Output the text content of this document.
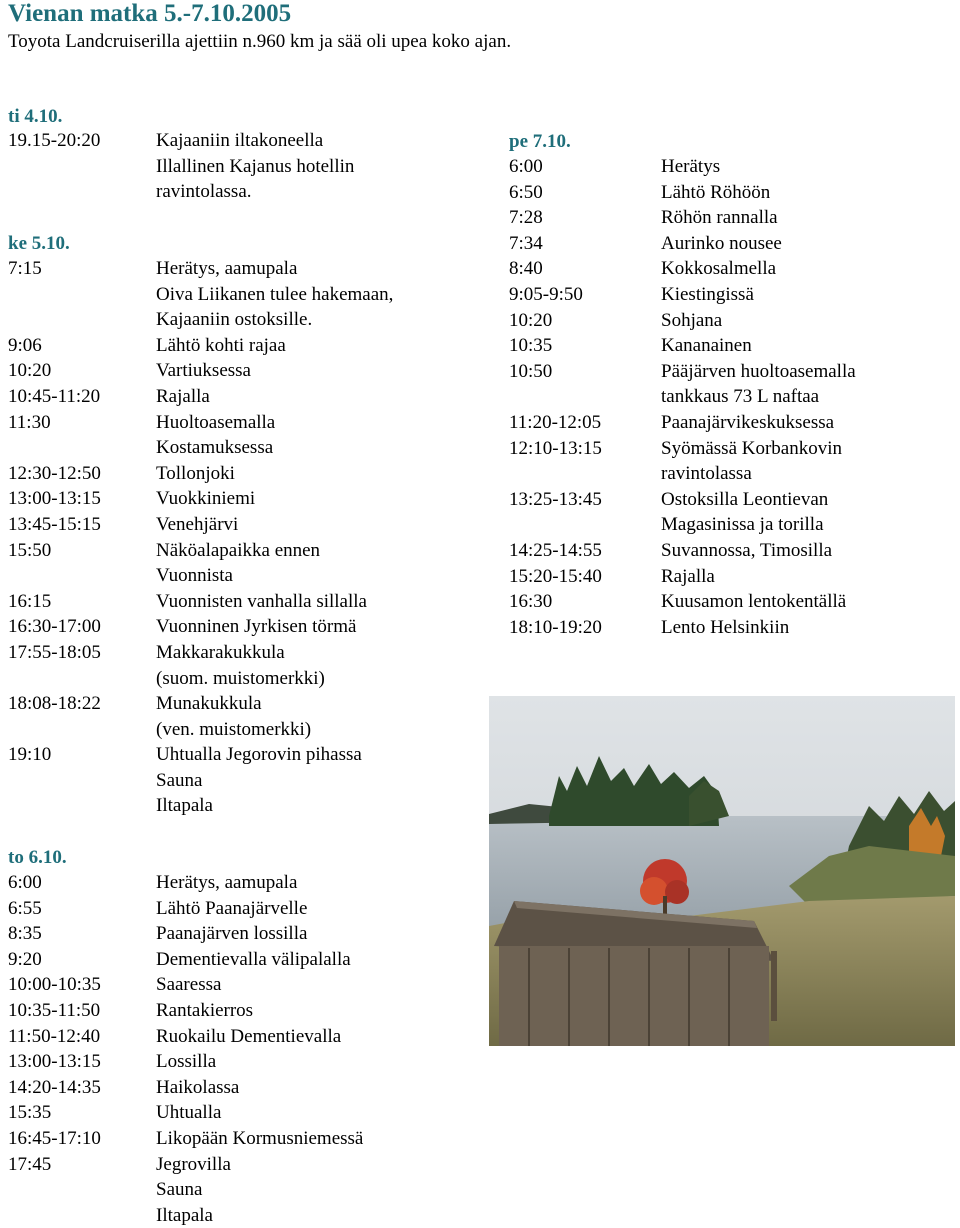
Vienan matka 5.-7.10.2005
Toyota Landcruiserilla ajettiin n.960 km ja sää oli upea koko ajan.
ti 4.10.
19.15-20:20	Kajaaniin iltakoneella
Illallinen Kajanus hotellin
ravintolassa.
ke 5.10.
7:15	Herätys, aamupala
Oiva Liikanen tulee hakemaan,
Kajaaniin ostoksille.
9:06	Lähtö kohti rajaa
10:20	Vartiuksessa
10:45-11:20	Rajalla
11:30	Huoltoasemalla
Kostamuksessa
12:30-12:50	Tollonjoki
13:00-13:15	Vuokkiniemi
13:45-15:15	Venehjärvi
15:50	Näköalapaikka ennen
Vuonnista
16:15	Vuonnisten vanhalla sillalla
16:30-17:00	Vuonninen Jyrkisen törmä
17:55-18:05	Makkarakukkula
(suom. muistomerkki)
18:08-18:22	Munakukkula
(ven. muistomerkki)
19:10	Uhtualla Jegorovin pihassa
Sauna
Iltapala
to 6.10.
6:00	Herätys, aamupala
6:55	Lähtö Paanajärvelle
8:35	Paanajärven lossilla
9:20	Dementievalla välipalalla
10:00-10:35	Saaressa
10:35-11:50	Rantakierros
11:50-12:40	Ruokailu Dementievalla
13:00-13:15	Lossilla
14:20-14:35	Haikolassa
15:35	Uhtualla
16:45-17:10	Likopään Kormusniemessä
17:45	Jegrovilla
Sauna
Iltapala
pe 7.10.
6:00	Herätys
6:50	Lähtö Röhöön
7:28	Röhön rannalla
7:34	Aurinko nousee
8:40	Kokkosalmella
9:05-9:50	Kiestingissä
10:20	Sohjana
10:35	Kananainen
10:50	Pääjärven huoltoasemalla
tankkaus 73 L naftaa
11:20-12:05	Paanajärvikeskuksessa
12:10-13:15	Syömässä Korbankovin
ravintolassa
13:25-13:45	Ostoksilla Leontievan
Magasinissa ja torilla
14:25-14:55	Suvannossa, Timosilla
15:20-15:40	Rajalla
16:30	Kuusamon lentokentällä
18:10-19:20	Lento Helsinkiin
